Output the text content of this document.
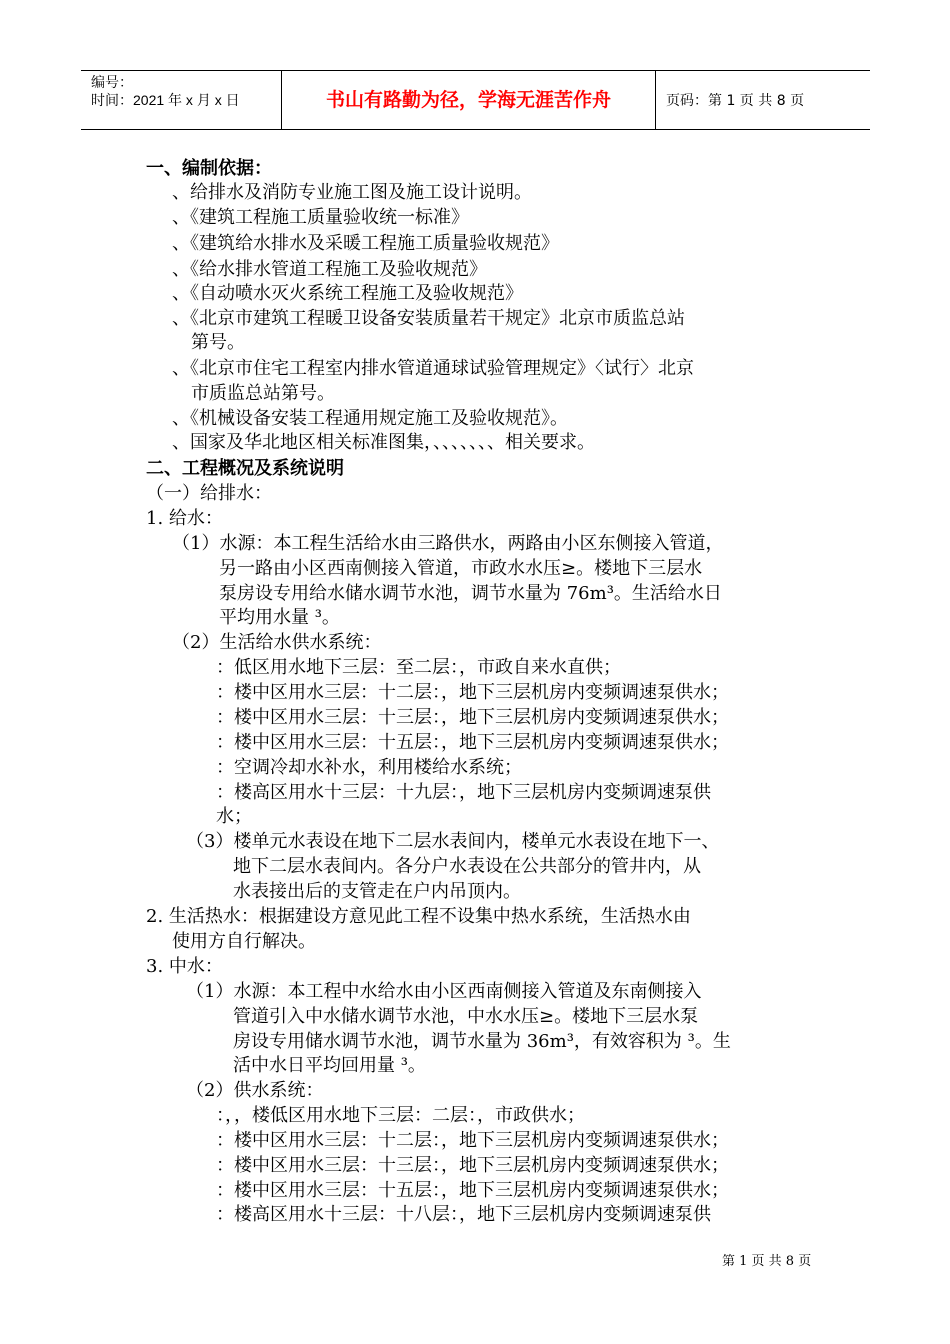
编号：
时间：2021 年 x 月 x 日	书山有路勤为径，学海无涯苦作舟	页码：第 1 页 共 8 页
一、编制依据：
、给排水及消防专业施工图及施工设计说明。
、《建筑工程施工质量验收统一标准》
、《建筑给水排水及采暖工程施工质量验收规范》
、《给水排水管道工程施工及验收规范》
、《自动喷水灭火系统工程施工及验收规范》
、《北京市建筑工程暖卫设备安装质量若干规定》北京市质监总站
第号。
、《北京市住宅工程室内排水管道通球试验管理规定》〈试行〉北京
市质监总站第号。
、《机械设备安装工程通用规定施工及验收规范》。
、国家及华北地区相关标准图集，、、、、、、、相关要求。
二、工程概况及系统说明
（一）给排水：
1. 给水：
（1）水源：本工程生活给水由三路供水，两路由小区东侧接入管道，
另一路由小区西南侧接入管道，市政水水压≥。楼地下三层水
泵房设专用给水储水调节水池，调节水量为 76m³。生活给水日
平均用水量 ³。
（2）生活给水供水系统：
：低区用水地下三层：至二层：，市政自来水直供；
：楼中区用水三层：十二层：，地下三层机房内变频调速泵供水；
：楼中区用水三层：十三层：，地下三层机房内变频调速泵供水；
：楼中区用水三层：十五层：，地下三层机房内变频调速泵供水；
：空调冷却水补水，利用楼给水系统；
：楼高区用水十三层：十九层：，地下三层机房内变频调速泵供
水；
（3）楼单元水表设在地下二层水表间内，楼单元水表设在地下一、
地下二层水表间内。各分户水表设在公共部分的管井内，从
水表接出后的支管走在户内吊顶内。
2. 生活热水：根据建设方意见此工程不设集中热水系统，生活热水由
使用方自行解决。
3. 中水：
（1）水源：本工程中水给水由小区西南侧接入管道及东南侧接入
管道引入中水储水调节水池，中水水压≥。楼地下三层水泵
房设专用储水调节水池，调节水量为 36m³，有效容积为 ³。生
活中水日平均回用量 ³。
（2）供水系统：
：，，楼低区用水地下三层：二层：，市政供水；
：楼中区用水三层：十二层：，地下三层机房内变频调速泵供水；
：楼中区用水三层：十三层：，地下三层机房内变频调速泵供水；
：楼中区用水三层：十五层：，地下三层机房内变频调速泵供水；
：楼高区用水十三层：十八层：，地下三层机房内变频调速泵供
第 1 页 共 8 页
